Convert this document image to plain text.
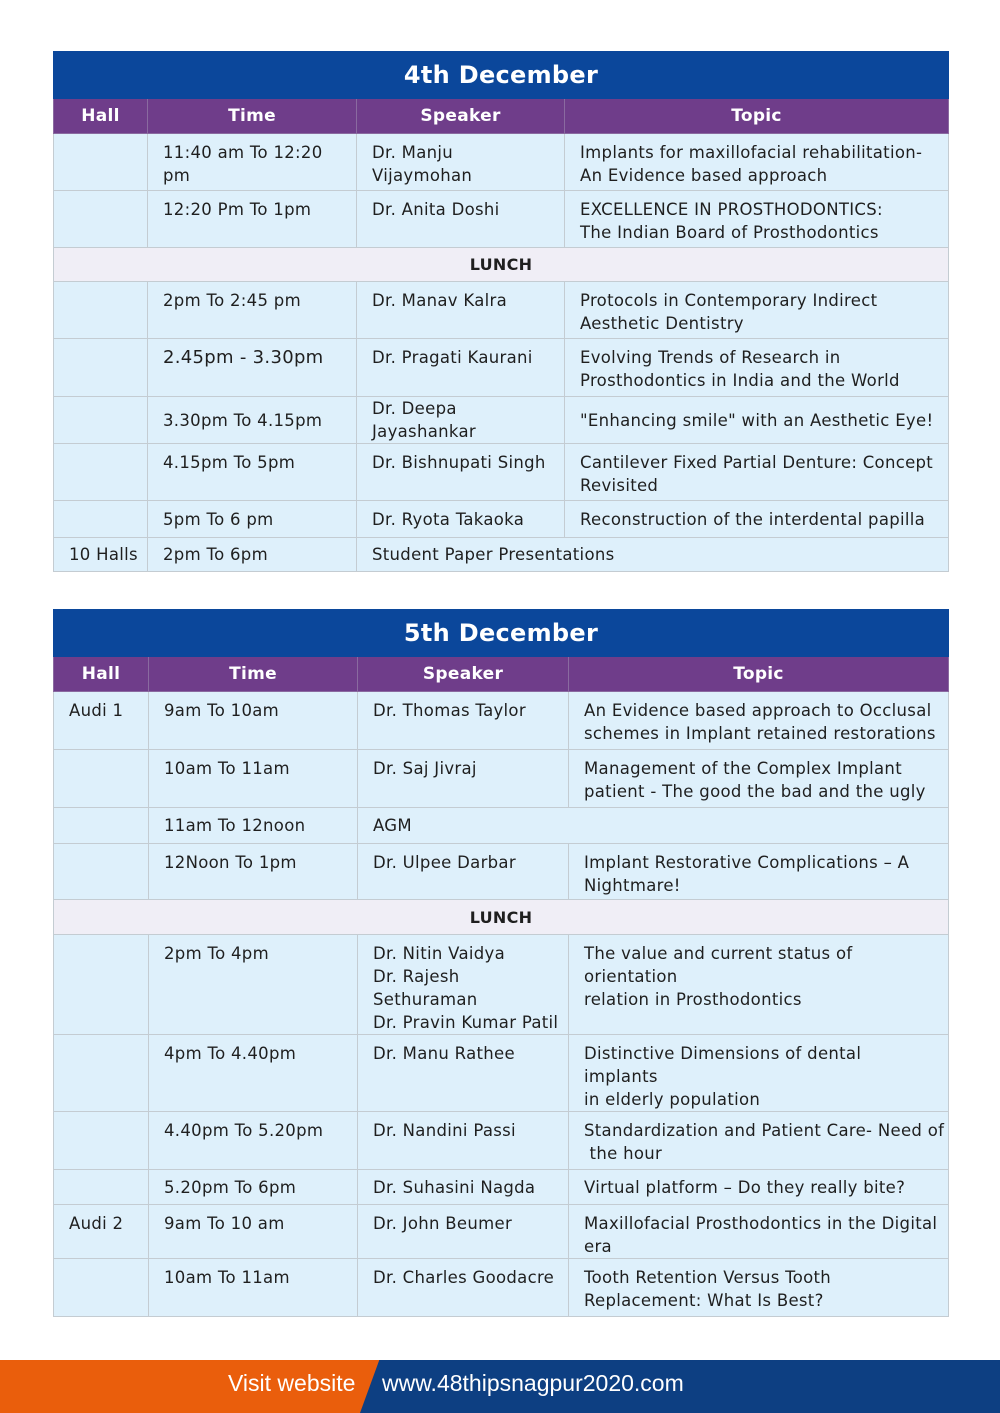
4th December			
Hall	Time	Speaker	Topic
	11:40 am To 12:20 pm	Dr. Manju Vijaymohan	Implants for maxillofacial rehabilitation-
An Evidence based approach

	12:20 Pm To 1pm	Dr. Anita Doshi	EXCELLENCE IN PROSTHODONTICS:
The Indian Board of Prosthodontics

LUNCH			
	2pm To 2:45 pm	Dr. Manav Kalra	Protocols in Contemporary Indirect
Aesthetic Dentistry

	2.45pm - 3.30pm	Dr. Pragati Kaurani	Evolving Trends of Research in
Prosthodontics in India and the World

	3.30pm To 4.15pm	Dr. Deepa Jayashankar	"Enhancing smile" with an Aesthetic Eye!

	4.15pm To 5pm	Dr. Bishnupati Singh	Cantilever Fixed Partial Denture: Concept
Revisited

	5pm To 6 pm	Dr. Ryota Takaoka	Reconstruction of the interdental papilla

10 Halls	2pm To 6pm	Student Paper Presentations	
5th December			
Hall	Time	Speaker	Topic
Audi 1	9am To 10am	Dr. Thomas Taylor	An Evidence based approach to Occlusal
schemes in Implant retained restorations

	10am To 11am	Dr. Saj Jivraj	Management of the Complex Implant
patient - The good the bad and the ugly

	11am To 12noon	AGM	
	12Noon To 1pm	Dr. Ulpee Darbar	Implant Restorative Complications – A
Nightmare!

LUNCH			
	2pm To 4pm	Dr. Nitin Vaidya
Dr. Rajesh Sethuraman
Dr. Pravin Kumar Patil	The value and current status of orientation
relation in Prosthodontics

	4pm To 4.40pm	Dr. Manu Rathee	Distinctive Dimensions of dental implants
in elderly population

	4.40pm To 5.20pm	Dr. Nandini Passi	Standardization and Patient Care- Need of
the hour

	5.20pm To 6pm	Dr. Suhasini Nagda	Virtual platform – Do they really bite?

Audi 2	9am To 10 am	Dr. John Beumer	Maxillofacial Prosthodontics in the Digital
era

	10am To 11am	Dr. Charles Goodacre	Tooth Retention Versus Tooth
Replacement: What Is Best?
Visit website www.48thipsnagpur2020.com
